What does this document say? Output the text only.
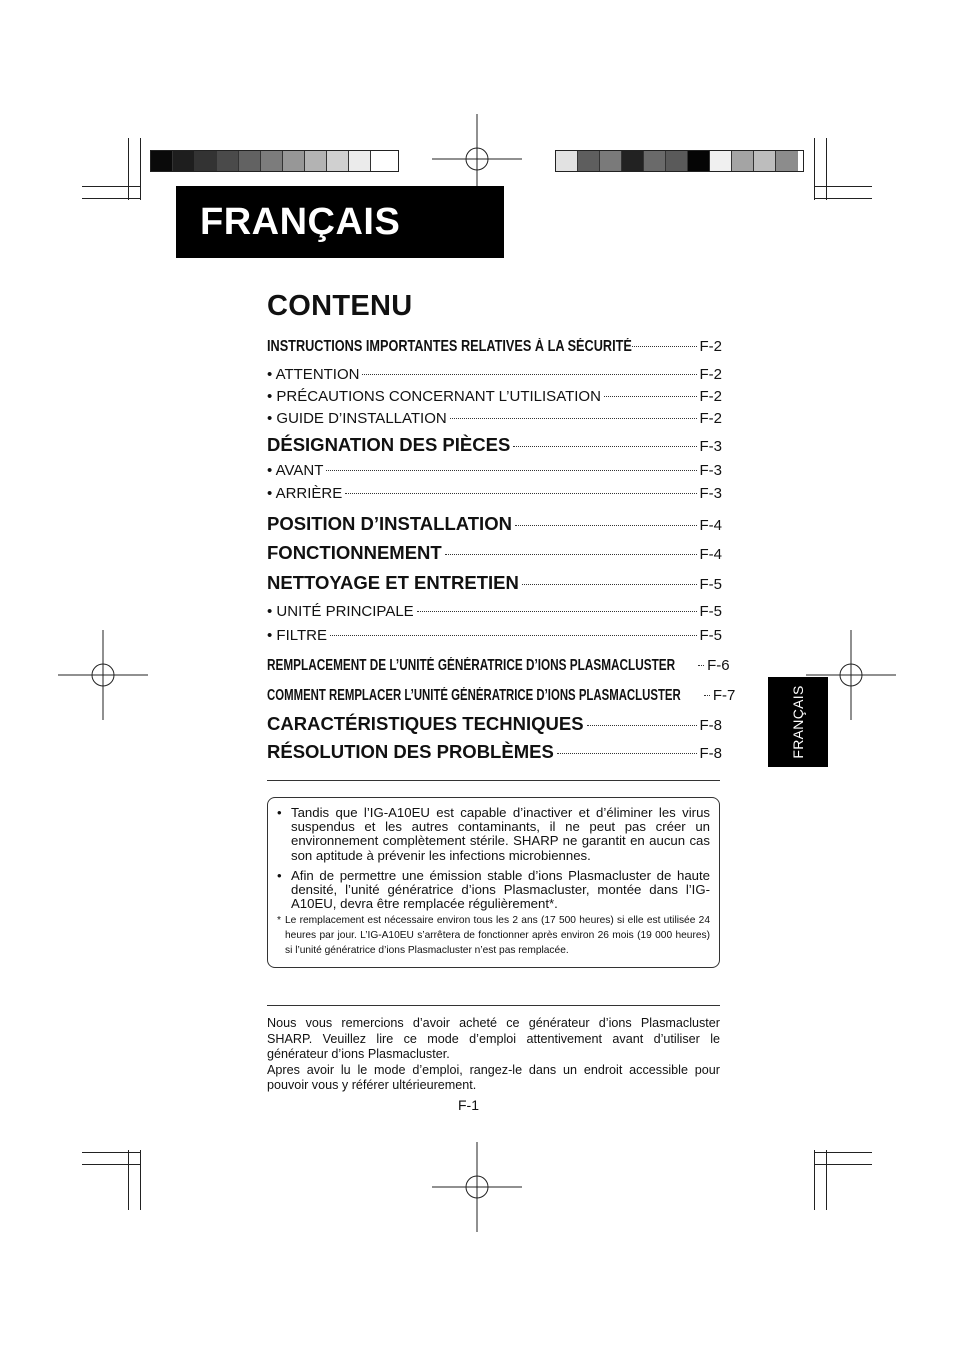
FRANÇAIS
CONTENU
INSTRUCTIONS IMPORTANTES RELATIVES À LA SÉCURITÉ	F-2
• ATTENTION	F-2
• PRÉCAUTIONS CONCERNANT L’UTILISATION	F-2
• GUIDE D’INSTALLATION	F-2
DÉSIGNATION DES PIÈCES	F-3
• AVANT	F-3
• ARRIÈRE	F-3
POSITION D’INSTALLATION	F-4
FONCTIONNEMENT	F-4
NETTOYAGE ET ENTRETIEN	F-5
• UNITÉ PRINCIPALE	F-5
• FILTRE	F-5
REMPLACEMENT DE L’UNITÉ GÉNÉRATRICE D’IONS PLASMACLUSTER F-6
COMMENT REMPLACER L’UNITÉ GÉNÉRATRICE D’IONS PLASMACLUSTER F-7
CARACTÉRISTIQUES TECHNIQUES	F-8
RÉSOLUTION DES PROBLÈMES	F-8
• Tandis que l’IG-A10EU est capable d’inactiver et d’éliminer les virus suspendus et les autres contaminants, il ne peut pas créer un environnement complètement stérile. SHARP ne garantit en aucun cas son aptitude à prévenir les infections microbiennes.
• Afin de permettre une émission stable d’ions Plasmacluster de haute densité, l’unité génératrice d’ions Plasmacluster, montée dans l’IG-A10EU, devra être remplacée régulièrement*.
* Le remplacement est nécessaire environ tous les 2 ans (17 500 heures) si elle est utilisée 24 heures par jour. L’IG-A10EU s’arrêtera de fonctionner après environ 26 mois (19 000 heures) si l’unité génératrice d’ions Plasmacluster n’est pas remplacée.

Nous vous remercions d’avoir acheté ce générateur d’ions Plasmacluster SHARP. Veuillez lire ce mode d’emploi attentivement avant d’utiliser le générateur d’ions Plasmacluster.

Apres avoir lu le mode d’emploi, rangez-le dans un endroit accessible pour pouvoir vous y référer ultérieurement.

F-1
FRANÇAIS
